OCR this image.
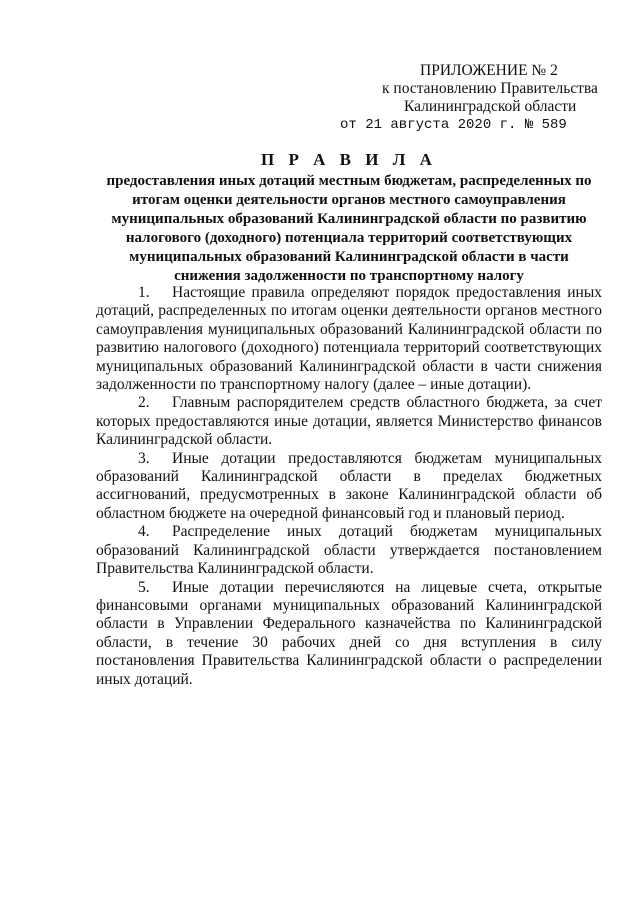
ПРИЛОЖЕНИЕ № 2
к постановлению Правительства
Калининградской области
от 21 августа 2020 г. № 589
П Р А В И Л А
предоставления иных дотаций местным бюджетам, распределенных по итогам оценки деятельности органов местного самоуправления муниципальных образований Калининградской области по развитию налогового (доходного) потенциала территорий соответствующих муниципальных образований Калининградской области в части снижения задолженности по транспортному налогу

1. Настоящие правила определяют порядок предоставления иных дотаций, распределенных по итогам оценки деятельности органов местного самоуправления муниципальных образований Калининградской области по развитию налогового (доходного) потенциала территорий соответствующих муниципальных образований Калининградской области в части снижения задолженности по транспортному налогу (далее – иные дотации).

2. Главным распорядителем средств областного бюджета, за счет которых предоставляются иные дотации, является Министерство финансов Калининградской области.

3. Иные дотации предоставляются бюджетам муниципальных образований Калининградской области в пределах бюджетных ассигнований, предусмотренных в законе Калининградской области об областном бюджете на очередной финансовый год и плановый период.

4. Распределение иных дотаций бюджетам муниципальных образований Калининградской области утверждается постановлением Правительства Калининградской области.

5. Иные дотации перечисляются на лицевые счета, открытые финансовыми органами муниципальных образований Калининградской области в Управлении Федерального казначейства по Калининградской области, в течение 30 рабочих дней со дня вступления в силу постановления Правительства Калининградской области о распределении иных дотаций.
